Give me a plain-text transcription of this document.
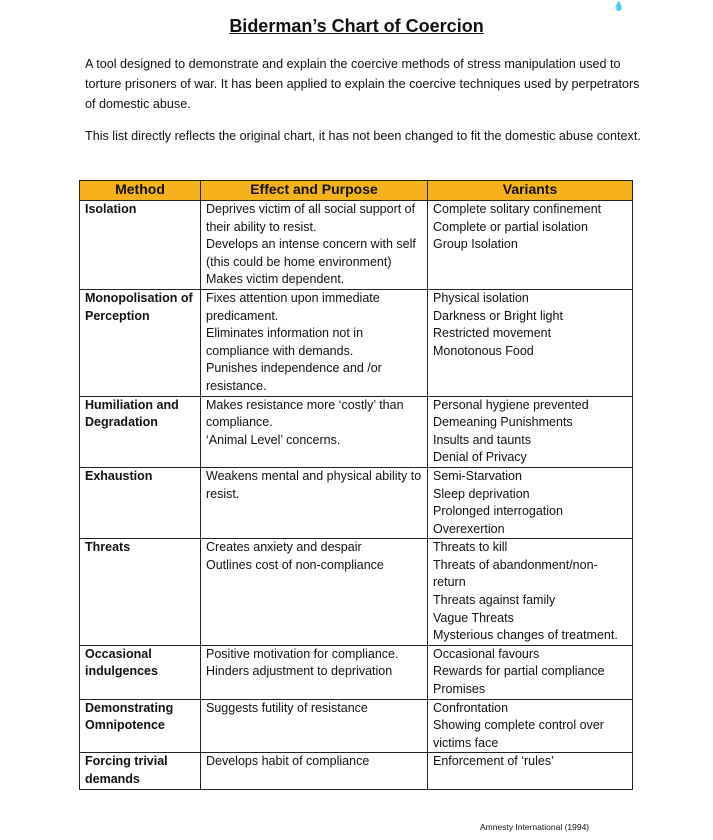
💧
Biderman’s Chart of Coercion

A tool designed to demonstrate and explain the coercive methods of stress manipulation used to torture prisoners of war. It has been applied to explain the coercive techniques used by perpetrators of domestic abuse.

This list directly reflects the original chart, it has not been changed to fit the domestic abuse context.

Method	Effect and Purpose	Variants
Isolation	Deprives victim of all social support of their ability to resist.
Develops an intense concern with self (this could be home environment)
Makes victim dependent.	Complete solitary confinement
Complete or partial isolation
Group Isolation

Monopolisation of Perception	Fixes attention upon immediate predicament.
Eliminates information not in compliance with demands.
Punishes independence and /or resistance.	Physical isolation
Darkness or Bright light
Restricted movement
Monotonous Food

Humiliation and Degradation	Makes resistance more ‘costly’ than compliance.
‘Animal Level’ concerns.	Personal hygiene prevented
Demeaning Punishments
Insults and taunts
Denial of Privacy

Exhaustion	Weakens mental and physical ability to resist.	Semi-Starvation
Sleep deprivation
Prolonged interrogation
Overexertion

Threats	Creates anxiety and despair
Outlines cost of non-compliance	Threats to kill
Threats of abandonment/non-return
Threats against family
Vague Threats
Mysterious changes of treatment.

Occasional indulgences	Positive motivation for compliance.
Hinders adjustment to deprivation	Occasional favours
Rewards for partial compliance
Promises

Demonstrating Omnipotence	Suggests futility of resistance	Confrontation
Showing complete control over victims face

Forcing trivial demands	Develops habit of compliance	Enforcement of ‘rules’
Amnesty International (1994)
